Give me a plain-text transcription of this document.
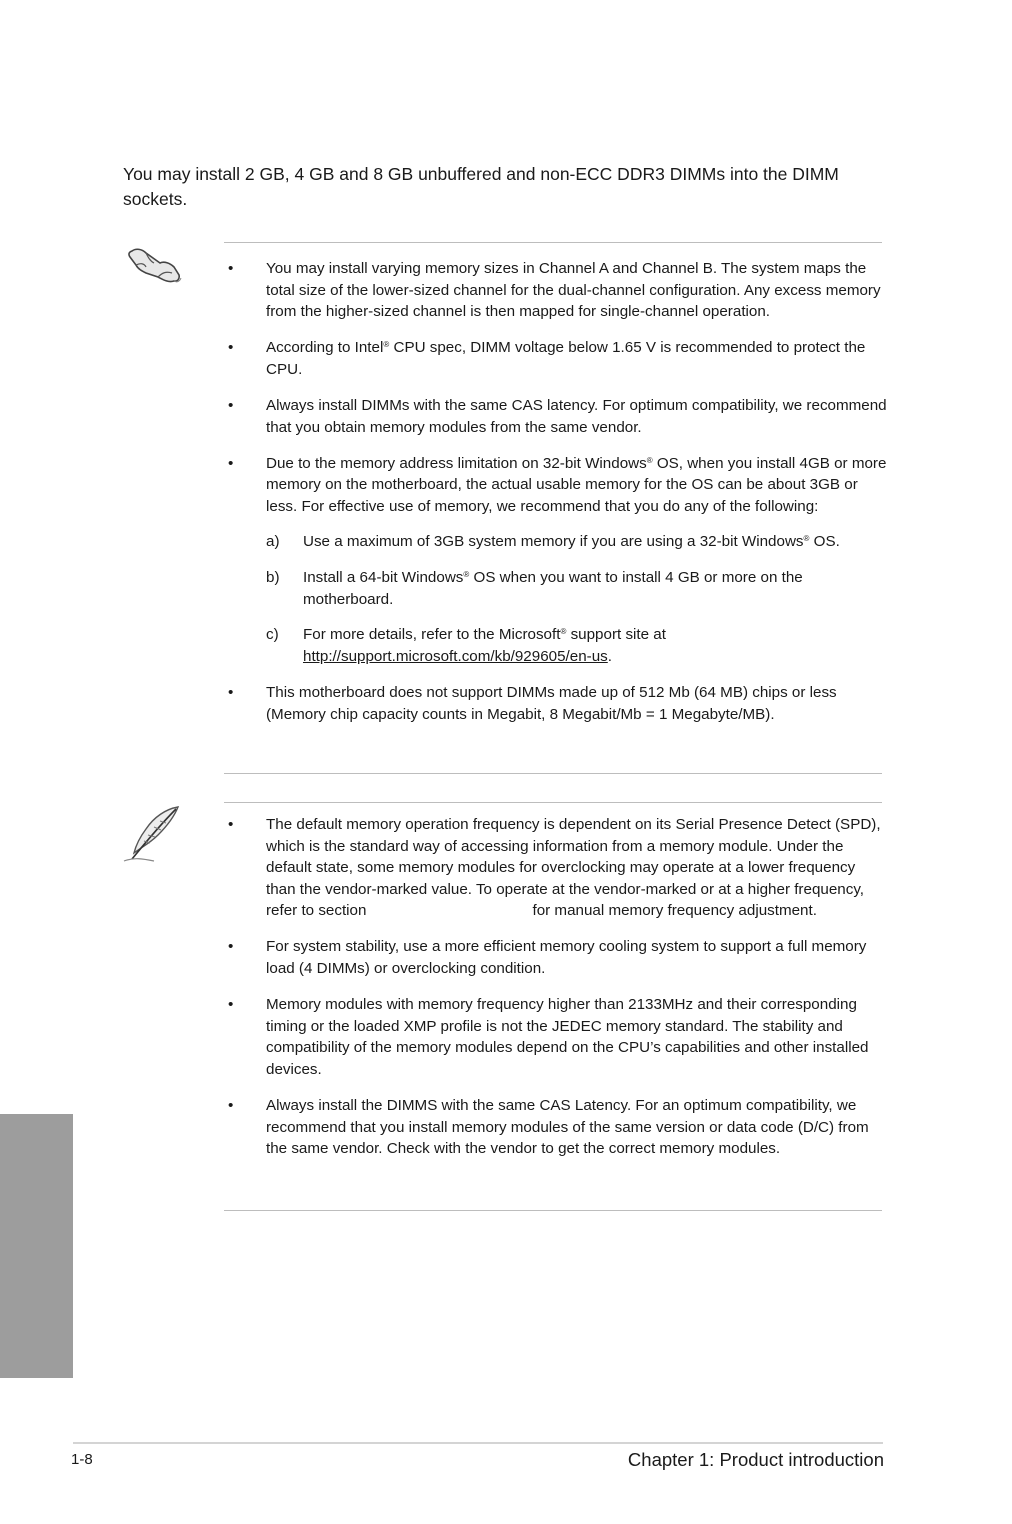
You may install 2 GB, 4 GB and 8 GB unbuffered and non-ECC DDR3 DIMMs into the DIMM sockets.

• You may install varying memory sizes in Channel A and Channel B. The system maps the total size of the lower-sized channel for the dual-channel configuration. Any excess memory from the higher-sized channel is then mapped for single-channel operation.
• According to Intel® CPU spec, DIMM voltage below 1.65 V is recommended to protect the CPU.
• Always install DIMMs with the same CAS latency. For optimum compatibility, we recommend that you obtain memory modules from the same vendor.
• Due to the memory address limitation on 32-bit Windows® OS, when you install 4GB or more memory on the motherboard, the actual usable memory for the OS can be about 3GB or less. For effective use of memory, we recommend that you do any of the following:
a) Use a maximum of 3GB system memory if you are using a 32-bit Windows® OS.
b) Install a 64-bit Windows® OS when you want to install 4 GB or more on the motherboard.
c) For more details, refer to the Microsoft® support site at http://support.microsoft.com/kb/929605/en-us.
• This motherboard does not support DIMMs made up of 512 Mb (64 MB) chips or less (Memory chip capacity counts in Megabit, 8 Megabit/Mb = 1 Megabyte/MB).
• The default memory operation frequency is dependent on its Serial Presence Detect (SPD), which is the standard way of accessing information from a memory module. Under the default state, some memory modules for overclocking may operate at a lower frequency than the vendor-marked value. To operate at the vendor-marked or at a higher frequency, refer to section	for manual memory frequency adjustment.
• For system stability, use a more efficient memory cooling system to support a full memory load (4 DIMMs) or overclocking condition.
• Memory modules with memory frequency higher than 2133MHz and their corresponding timing or the loaded XMP profile is not the JEDEC memory standard. The stability and compatibility of the memory modules depend on the CPU’s capabilities and other installed devices.
• Always install the DIMMS with the same CAS Latency. For an optimum compatibility, we recommend that you install memory modules of the same version or data code (D/C) from the same vendor. Check with the vendor to get the correct memory modules.
1-8	Chapter 1: Product introduction
